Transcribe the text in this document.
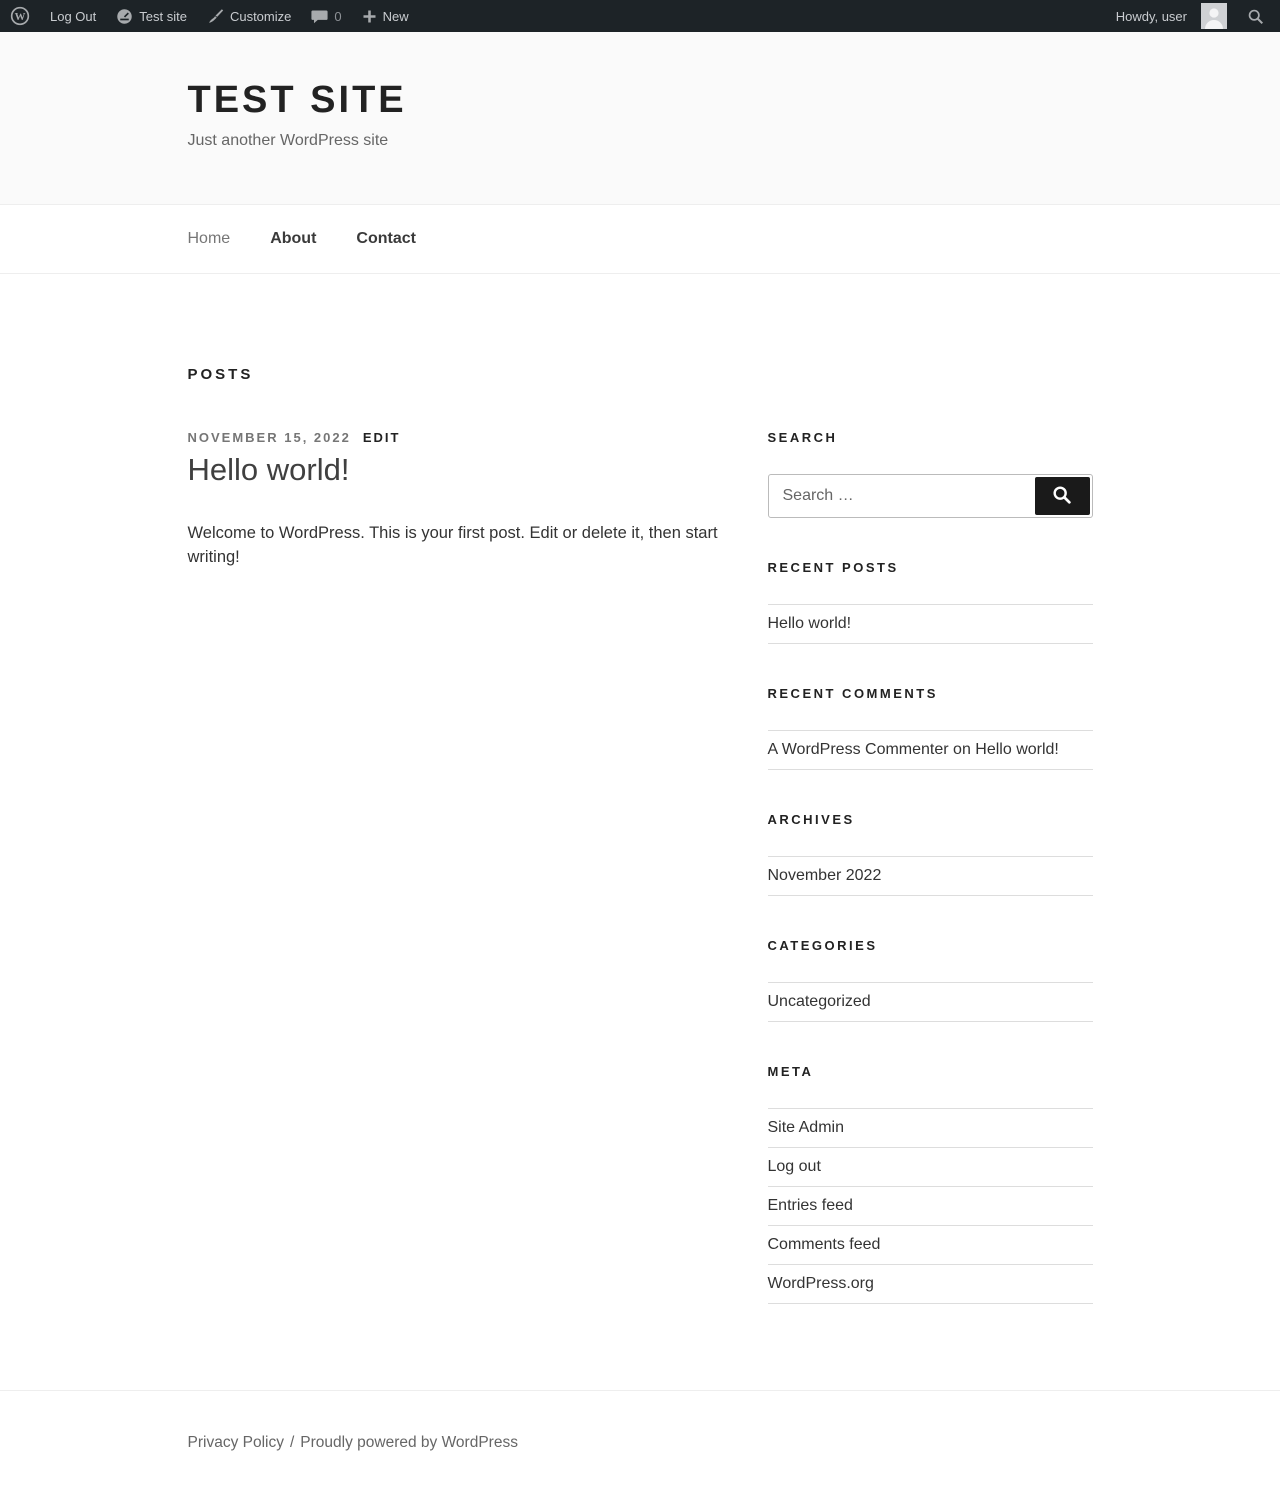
W	Log Out	Test site	Customize	0	New	Howdy, user
TEST SITE

Just another WordPress site

Home	About	Contact
POSTS
NOVEMBER 15, 2022 EDIT
Hello world!

Welcome to WordPress. This is your first post. Edit or delete it, then start writing!

SEARCH
Search …
RECENT POSTS
Hello world!
RECENT COMMENTS
A WordPress Commenter on Hello world!
ARCHIVES
November 2022
CATEGORIES
Uncategorized
META
Site Admin
Log out
Entries feed
Comments feed
WordPress.org
Privacy Policy / Proudly powered by WordPress
